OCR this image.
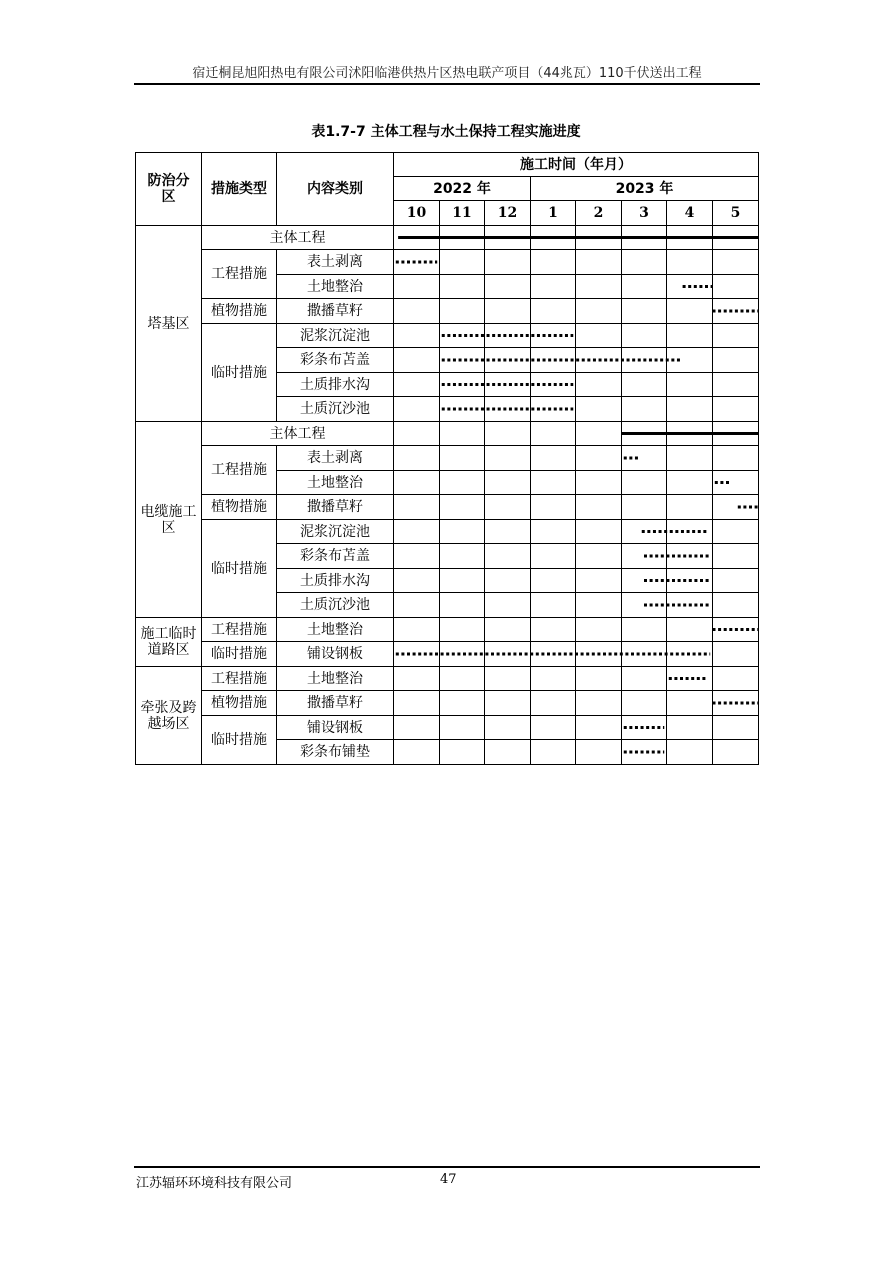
宿迁桐昆旭阳热电有限公司沭阳临港供热片区热电联产项目（44兆瓦）110千伏送出工程
表1.7-7 主体工程与水土保持工程实施进度
防治分区	措施类型	内容类别	施工时间（年月）							
			2022 年			2023 年				
			10	11	12	1	2	3	4	5
塔基区	主体工程									
	工程措施	表土剥离								
		土地整治								
	植物措施	撒播草籽								
	临时措施	泥浆沉淀池								
		彩条布苫盖								
		土质排水沟								
		土质沉沙池								
电缆施工区	主体工程									
	工程措施	表土剥离								
		土地整治								
	植物措施	撒播草籽								
	临时措施	泥浆沉淀池								
		彩条布苫盖								
		土质排水沟								
		土质沉沙池								
施工临时道路区	工程措施	土地整治								
	临时措施	铺设钢板								
牵张及跨越场区	工程措施	土地整治								
	植物措施	撒播草籽								
	临时措施	铺设钢板								
		彩条布铺垫								
江苏辐环环境科技有限公司	47
